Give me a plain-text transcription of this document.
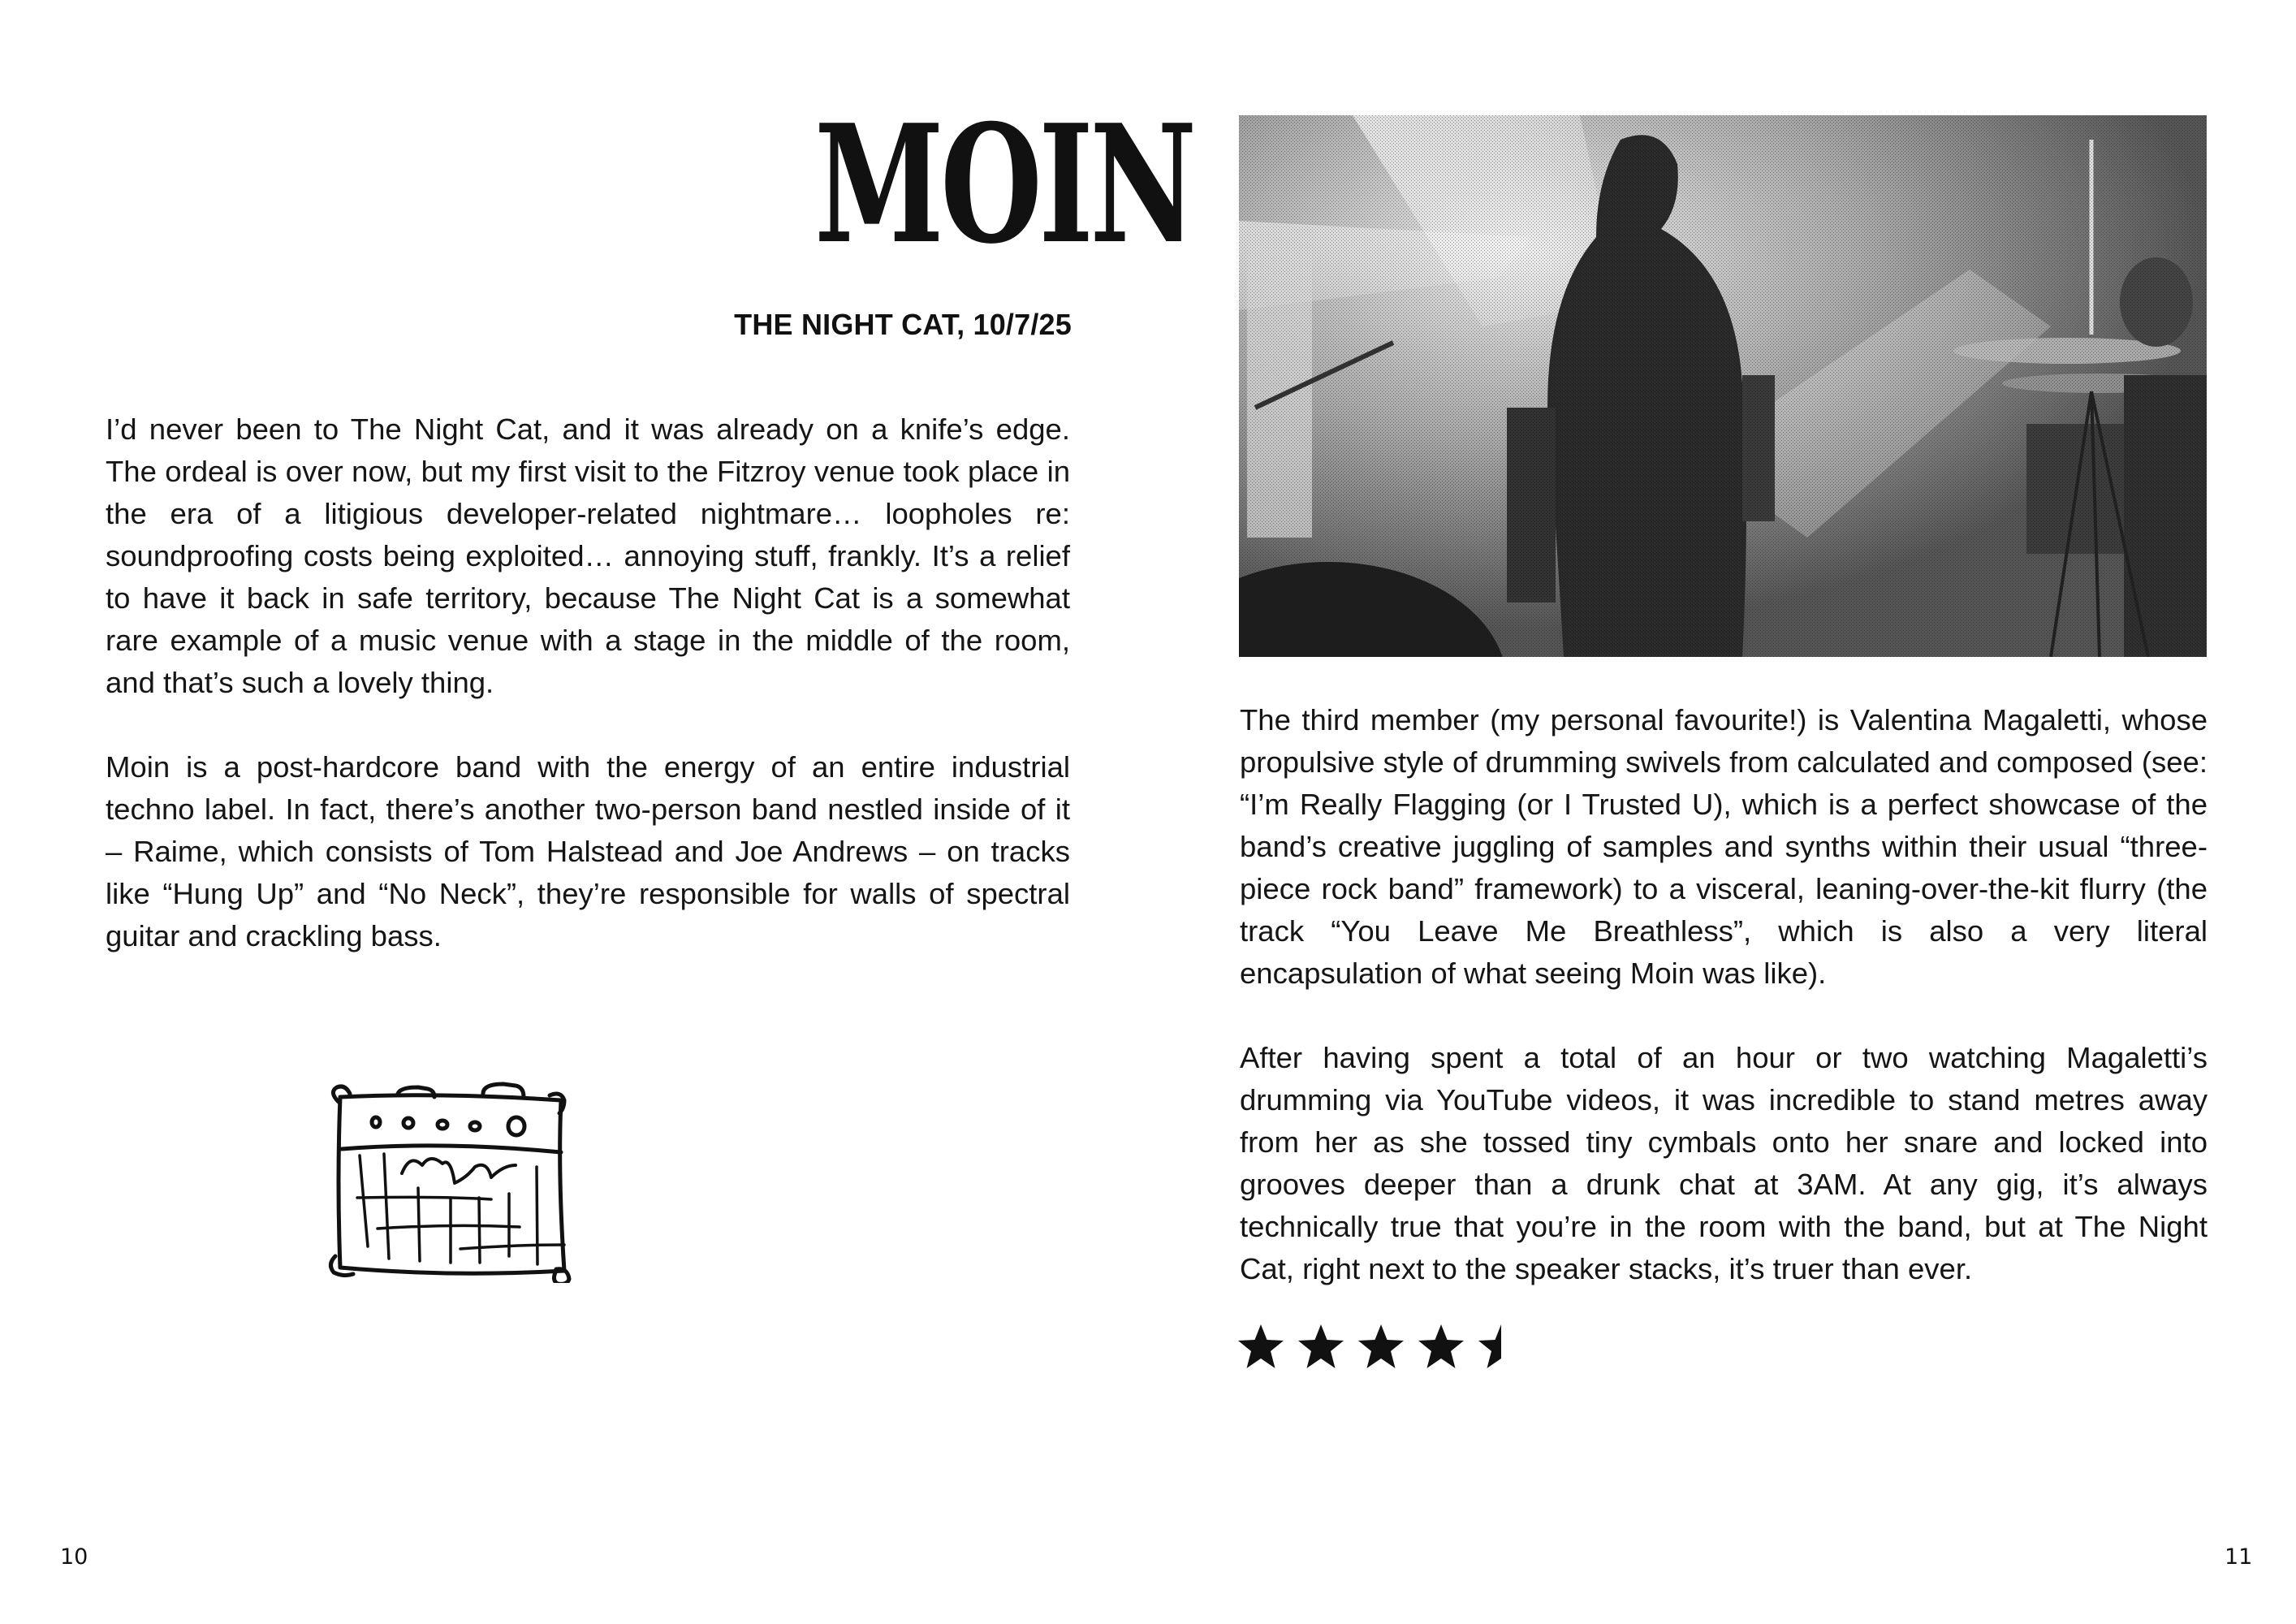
MOIN
THE NIGHT CAT, 10/7/25

I’d never been to The Night Cat, and it was already on a knife’s edge. The ordeal is over now, but my first visit to the Fitzroy venue took place in the era of a litigious developer-related nightmare… loopholes re: soundproofing costs being exploited… annoying stuff, frankly. It’s a relief to have it back in safe territory, because The Night Cat is a somewhat rare example of a music venue with a stage in the middle of the room, and that’s such a lovely thing.

Moin is a post-hardcore band with the energy of an entire industrial techno label. In fact, there’s another two-person band nestled inside of it – Raime, which consists of Tom Halstead and Joe Andrews – on tracks like “Hung Up” and “No Neck”, they’re responsible for walls of spectral guitar and crackling bass.

10

The third member (my personal favourite!) is Valentina Magaletti, whose propulsive style of drumming swivels from calculated and composed (see: “I’m Really Flagging (or I Trusted U), which is a perfect showcase of the band’s creative juggling of samples and synths within their usual “three-piece rock band” framework) to a visceral, leaning-over-the-kit flurry (the track “You Leave Me Breathless”, which is also a very literal encapsulation of what seeing Moin was like).

After having spent a total of an hour or two watching Magaletti’s drumming via YouTube videos, it was incredible to stand metres away from her as she tossed tiny cymbals onto her snare and locked into grooves deeper than a drunk chat at 3AM. At any gig, it’s always technically true that you’re in the room with the band, but at The Night Cat, right next to the speaker stacks, it’s truer than ever.

11
